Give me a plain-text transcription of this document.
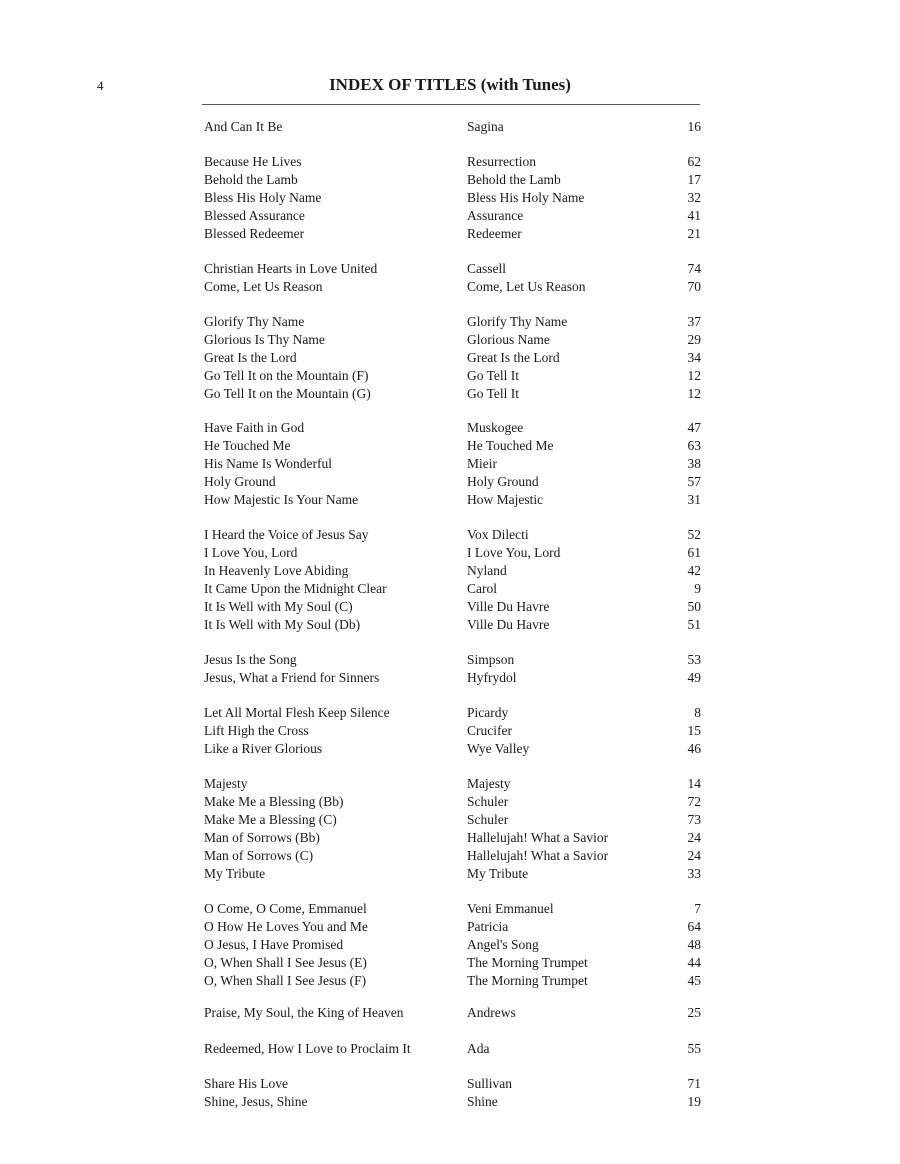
4	INDEX OF TITLES (with Tunes)
And Can It Be	Sagina	16
Because He Lives	Resurrection	62
Behold the Lamb	Behold the Lamb	17
Bless His Holy Name	Bless His Holy Name	32
Blessed Assurance	Assurance	41
Blessed Redeemer	Redeemer	21
Christian Hearts in Love United	Cassell	74
Come, Let Us Reason	Come, Let Us Reason	70
Glorify Thy Name	Glorify Thy Name	37
Glorious Is Thy Name	Glorious Name	29
Great Is the Lord	Great Is the Lord	34
Go Tell It on the Mountain (F)	Go Tell It	12
Go Tell It on the Mountain (G)	Go Tell It	12
Have Faith in God	Muskogee	47
He Touched Me	He Touched Me	63
His Name Is Wonderful	Mieir	38
Holy Ground	Holy Ground	57
How Majestic Is Your Name	How Majestic	31
I Heard the Voice of Jesus Say	Vox Dilecti	52
I Love You, Lord	I Love You, Lord	61
In Heavenly Love Abiding	Nyland	42
It Came Upon the Midnight Clear	Carol	9
It Is Well with My Soul (C)	Ville Du Havre	50
It Is Well with My Soul (Db)	Ville Du Havre	51
Jesus Is the Song	Simpson	53
Jesus, What a Friend for Sinners	Hyfrydol	49
Let All Mortal Flesh Keep Silence	Picardy	8
Lift High the Cross	Crucifer	15
Like a River Glorious	Wye Valley	46
Majesty	Majesty	14
Make Me a Blessing (Bb)	Schuler	72
Make Me a Blessing (C)	Schuler	73
Man of Sorrows (Bb)	Hallelujah! What a Savior	24
Man of Sorrows (C)	Hallelujah! What a Savior	24
My Tribute	My Tribute	33
O Come, O Come, Emmanuel	Veni Emmanuel	7
O How He Loves You and Me	Patricia	64
O Jesus, I Have Promised	Angel's Song	48
O, When Shall I See Jesus (E)	The Morning Trumpet	44
O, When Shall I See Jesus (F)	The Morning Trumpet	45
Praise, My Soul, the King of Heaven	Andrews	25
Redeemed, How I Love to Proclaim It	Ada	55
Share His Love	Sullivan	71
Shine, Jesus, Shine	Shine	19
